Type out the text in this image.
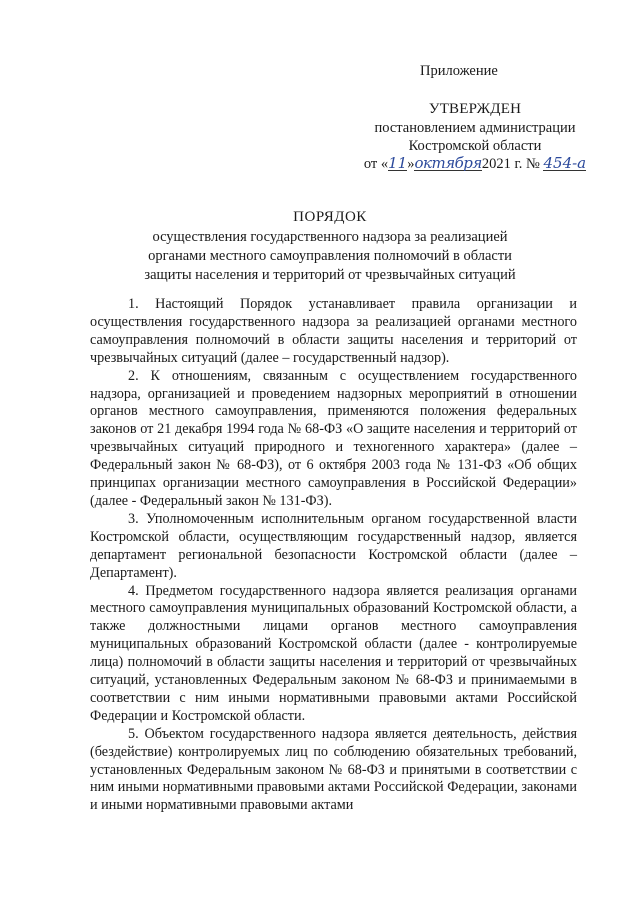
Приложение
УТВЕРЖДЕН
постановлением администрации
Костромской области
от «11»октября2021 г. № 454-а
ПОРЯДОК
осуществления государственного надзора за реализацией
органами местного самоуправления полномочий в области
защиты населения и территорий от чрезвычайных ситуаций

1. Настоящий Порядок устанавливает правила организации и осуществления государственного надзора за реализацией органами местного самоуправления полномочий в области защиты населения и территорий от чрезвычайных ситуаций (далее – государственный надзор).

2. К отношениям, связанным с осуществлением государственного надзора, организацией и проведением надзорных мероприятий в отношении органов местного самоуправления, применяются положения федеральных законов от 21 декабря 1994 года № 68-ФЗ «О защите населения и территорий от чрезвычайных ситуаций природного и техногенного характера» (далее – Федеральный закон № 68-ФЗ), от 6 октября 2003 года № 131-ФЗ «Об общих принципах организации местного самоуправления в Российской Федерации» (далее - Федеральный закон № 131-ФЗ).

3. Уполномоченным исполнительным органом государственной власти Костромской области, осуществляющим государственный надзор, является департамент региональной безопасности Костромской области (далее – Департамент).

4. Предметом государственного надзора является реализация органами местного самоуправления муниципальных образований Костромской области, а также должностными лицами органов местного самоуправления муниципальных образований Костромской области (далее - контролируемые лица) полномочий в области защиты населения и территорий от чрезвычайных ситуаций, установленных Федеральным законом № 68-ФЗ и принимаемыми в соответствии с ним иными нормативными правовыми актами Российской Федерации и Костромской области.

5. Объектом государственного надзора является деятельность, действия (бездействие) контролируемых лиц по соблюдению обязательных требований, установленных Федеральным законом № 68-ФЗ и принятыми в соответствии с ним иными нормативными правовыми актами Российской Федерации, законами и иными нормативными правовыми актами
